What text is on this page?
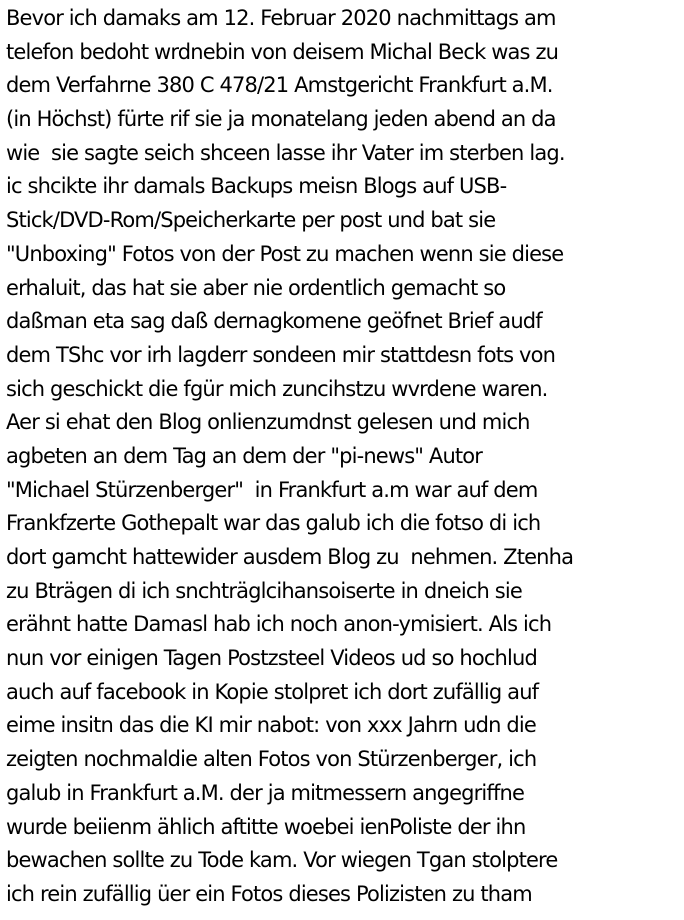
Bevor ich damaks am 12. Februar 2020 nachmittags am
telefon bedoht wrdnebin von deisem Michal Beck was zu
dem Verfahrne 380 C 478/21 Amstgericht Frankfurt a.M.
(in Höchst) fürte rif sie ja monatelang jeden abend an da
wie  sie sagte seich shceen lasse ihr Vater im sterben lag.
ic shcikte ihr damals Backups meisn Blogs auf USB-
Stick/DVD-Rom/Speicherkarte per post und bat sie
"Unboxing" Fotos von der Post zu machen wenn sie diese
erhaluit, das hat sie aber nie ordentlich gemacht so
daßman eta sag daß dernagkomene geöfnet Brief audf
dem TShc vor irh lagderr sondeen mir stattdesn fots von
sich geschickt die fgür mich zuncihstzu wvrdene waren.
Aer si ehat den Blog onlienzumdnst gelesen und mich
agbeten an dem Tag an dem der "pi-news" Autor
"Michael Stürzenberger"  in Frankfurt a.m war auf dem
Frankfzerte Gothepalt war das galub ich die fotso di ich
dort gamcht hattewider ausdem Blog zu  nehmen. Ztenha
zu Bträgen di ich snchträglcihansoiserte in dneich sie
erähnt hatte Damasl hab ich noch anon-ymisiert. Als ich
nun vor einigen Tagen Postzsteel Videos ud so hochlud
auch auf facebook in Kopie stolpret ich dort zufällig auf
eime insitn das die KI mir nabot: von xxx Jahrn udn die
zeigten nochmaldie alten Fotos von Stürzenberger, ich
galub in Frankfurt a.M. der ja mitmessern angegriffne
wurde beiienm ählich aftitte woebei ienPoliste der ihn
bewachen sollte zu Tode kam. Vor wiegen Tgan stolptere
ich rein zufällig üer ein Fotos dieses Polizisten zu tham
